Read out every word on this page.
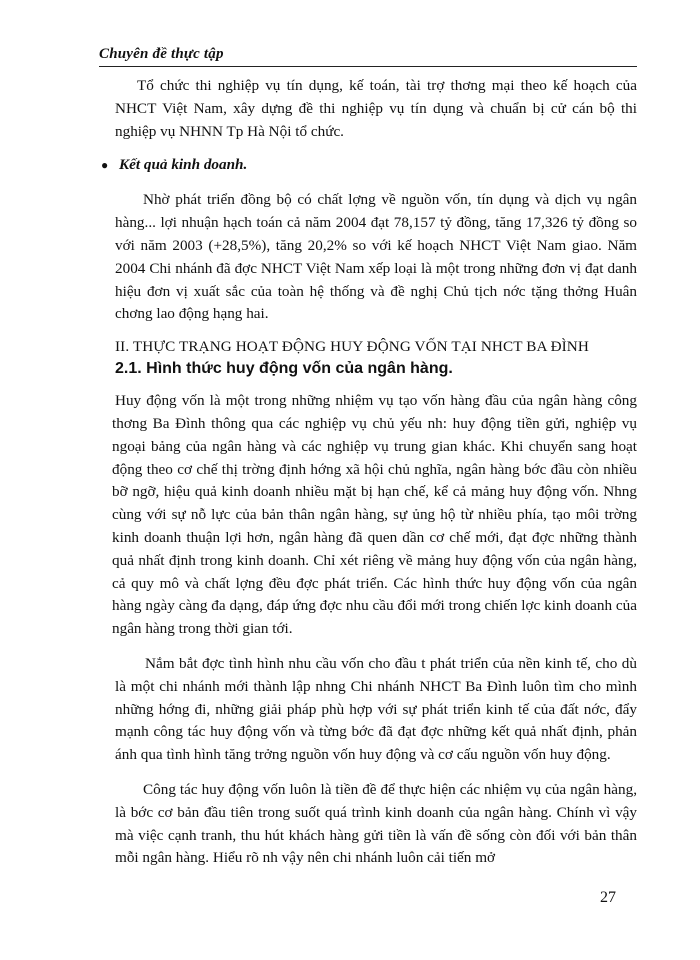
Chuyên đề thực tập

Tổ chức thi nghiệp vụ tín dụng, kế toán, tài trợ thơng mại theo kế hoạch của NHCT Việt Nam, xây dựng đề thi nghiệp vụ tín dụng và chuẩn bị cử cán bộ thi nghiệp vụ NHNN Tp Hà Nội tổ chức.

● Kết quả kinh doanh.

Nhờ phát triển đồng bộ có chất lợng về nguồn vốn, tín dụng và dịch vụ ngân hàng... lợi nhuận hạch toán cả năm 2004 đạt 78,157 tỷ đồng, tăng 17,326 tỷ đồng so với năm 2003 (+28,5%), tăng 20,2% so với kế hoạch NHCT Việt Nam giao. Năm 2004 Chi nhánh đã đợc NHCT Việt Nam xếp loại là một trong những đơn vị đạt danh hiệu đơn vị xuất sắc của toàn hệ thống và đề nghị Chủ tịch nớc tặng thởng Huân chơng lao động hạng hai.

II. THỰC TRẠNG HOẠT ĐỘNG HUY ĐỘNG VỐN TẠI NHCT BA ĐÌNH
2.1. Hình thức huy động vốn của ngân hàng.

Huy động vốn là một trong những nhiệm vụ tạo vốn hàng đầu của ngân hàng công thơng Ba Đình thông qua các nghiệp vụ chủ yếu nh: huy động tiền gửi, nghiệp vụ ngoại bảng của ngân hàng và các nghiệp vụ trung gian khác. Khi chuyển sang hoạt động theo cơ chế thị trờng định hớng xã hội chủ nghĩa, ngân hàng bớc đầu còn nhiều bỡ ngỡ, hiệu quả kinh doanh nhiều mặt bị hạn chế, kể cả mảng huy động vốn. Nhng cùng với sự nỗ lực của bản thân ngân hàng, sự ủng hộ từ nhiều phía, tạo môi trờng kinh doanh thuận lợi hơn, ngân hàng đã quen dần cơ chế mới, đạt đợc những thành quả nhất định trong kinh doanh. Chỉ xét riêng về mảng huy động vốn của ngân hàng, cả quy mô và chất lợng đều đợc phát triển. Các hình thức huy động vốn của ngân hàng ngày càng đa dạng, đáp ứng đợc nhu cầu đổi mới trong chiến lợc kinh doanh của ngân hàng trong thời gian tới.

Nắm bắt đợc tình hình nhu cầu vốn cho đầu t phát triển của nền kinh tế, cho dù là một chi nhánh mới thành lập nhng Chi nhánh NHCT Ba Đình luôn tìm cho mình những hớng đi, những giải pháp phù hợp với sự phát triển kinh tế của đất nớc, đẩy mạnh công tác huy động vốn và từng bớc đã đạt đợc những kết quả nhất định, phản ánh qua tình hình tăng trởng nguồn vốn huy động và cơ cấu nguồn vốn huy động.

Công tác huy động vốn luôn là tiền đề để thực hiện các nhiệm vụ của ngân hàng, là bớc cơ bản đầu tiên trong suốt quá trình kinh doanh của ngân hàng. Chính vì vậy mà việc cạnh tranh, thu hút khách hàng gửi tiền là vấn đề sống còn đối với bản thân mỗi ngân hàng. Hiểu rõ nh vậy nên chi nhánh luôn cải tiến mở

27
